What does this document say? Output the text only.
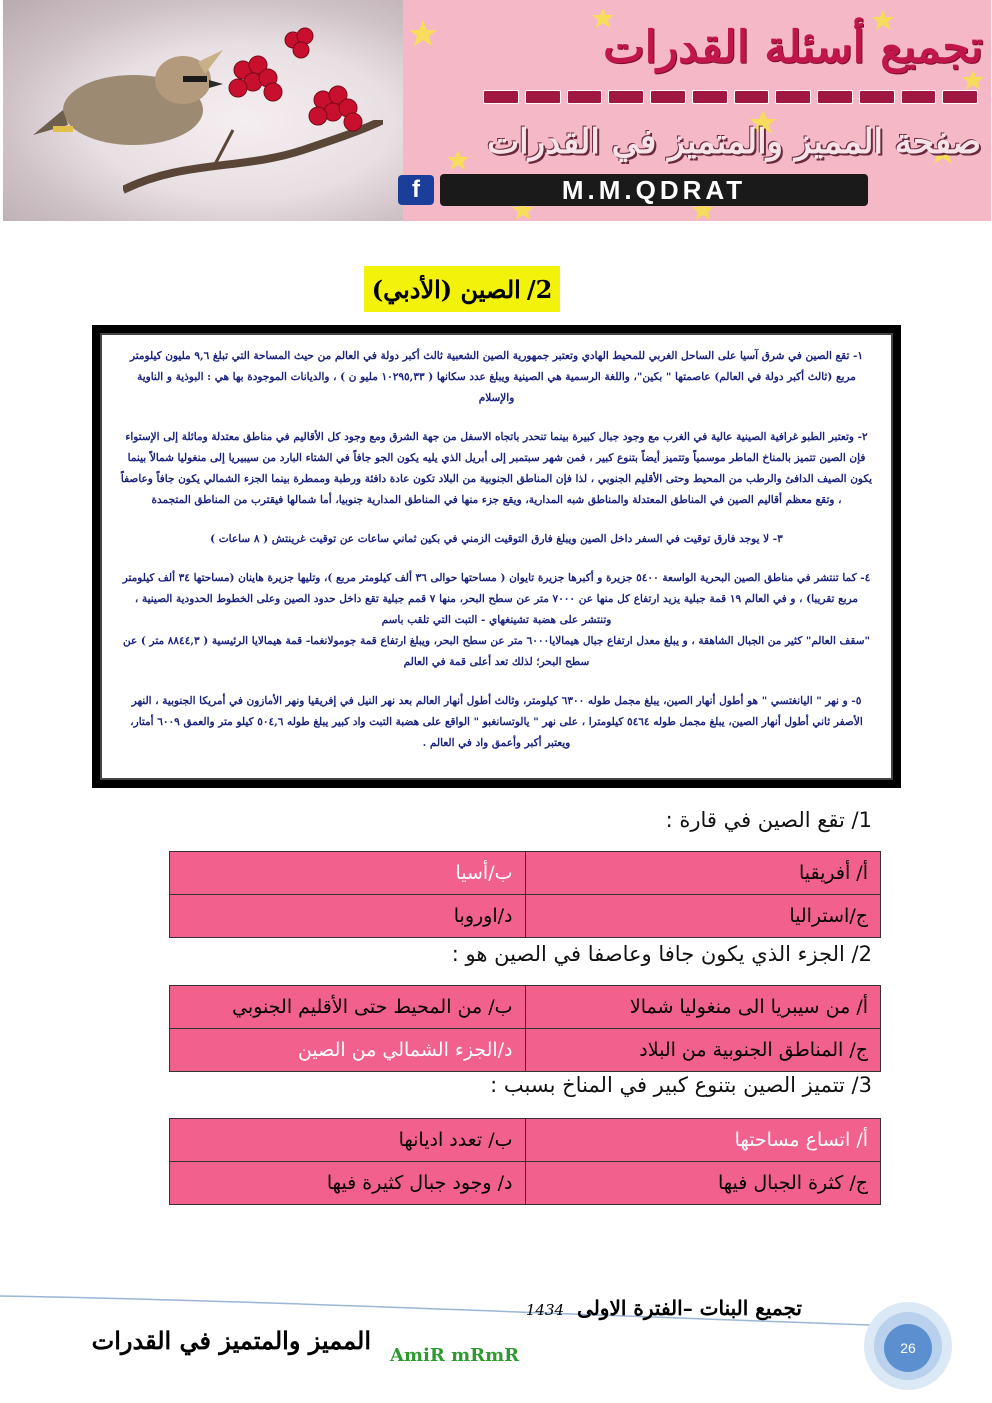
تجميع أسئلة القدرات
صفحة المميز والمتميز في القدرات
f	M.M.QDRAT
2/
الصين (الأدبي)

١- تقع الصين في شرق آسيا على الساحل الغربي للمحيط الهادي وتعتبر جمهورية الصين الشعبية ثالث أكبر دولة في العالم من حيث المساحة التي تبلغ ٩,٦ مليون كيلومتر مربع (ثالث أكبر دولة في العالم) عاصمتها " بكين"، واللغة الرسمية هي الصينية ويبلغ عدد سكانها ( ١٠٢٩٥,٣٣ مليو ن ) ، والديانات الموجودة بها هي : البوذية و الناوية والإسلام

٢- وتعتبر الطبو غرافية الصينية عالية في الغرب مع وجود جبال كبيرة بينما تنحدر باتجاه الاسفل من جهة الشرق ومع وجود كل الأقاليم في مناطق معتدلة ومائلة إلى الإستواء فإن الصين تتميز بالمناخ الماطر موسمياً وتتميز أيضاً بتنوع كبير ، فمن شهر سبتمبر إلى أبريل الذي يليه يكون الجو جافاً في الشتاء البارد من سيبيريا إلى منغوليا شمالاً بينما يكون الصيف الدافئ والرطب من المحيط وحتى الأقليم الجنوبي ، لذا فإن المناطق الجنوبية من البلاد تكون عادة دافئة ورطبة وممطرة بينما الجزء الشمالي يكون جافاً وعاصفاً ، وتقع معظم أقاليم الصين في المناطق المعتدلة والمناطق شبه المدارية، ويقع جزء منها في المناطق المدارية جنوبيا، أما شمالها فيقترب من المناطق المتجمدة

٣- لا يوجد فارق توقيت في السفر داخل الصين ويبلغ فارق التوقيت الزمني في بكين ثماني ساعات عن توقيت غرينتش ( ٨ ساعات )

٤- كما تنتشر في مناطق الصين البحرية الواسعة ٥٤٠٠ جزيرة و أكبرها جزيرة تايوان ( مساحتها حوالى ٣٦ ألف كيلومتر مربع )، وتليها جزيرة هاينان (مساحتها ٣٤ ألف كيلومتر مربع تقريبا) ، و في العالم ١٩ قمة جبلية يزيد ارتفاع كل منها عن ٧٠٠٠ متر عن سطح البحر، منها ٧ قمم جبلية تقع داخل حدود الصين وعلى الخطوط الحدودية الصينية ، وتنتشر على هضبة تشينغهاي - التبت التي تلقب باسم

"سقف العالم" كثير من الجبال الشاهقة ، و يبلغ معدل ارتفاع جبال هيمالايا٦٠٠٠ متر عن سطح البحر، ويبلغ ارتفاع قمة جومولانغما- قمة هيمالايا الرئيسية ( ٨٨٤٤,٣ متر ) عن سطح البحر؛ لذلك تعد أعلى قمة في العالم

٥- و نهر " اليانغتسي " هو أطول أنهار الصين، يبلغ مجمل طوله ٦٣٠٠ كيلومتر، وثالث أطول أنهار العالم بعد نهر النيل في إفريقيا ونهر الأمازون في أمريكا الجنوبية ، النهر الأصفر ثاني أطول أنهار الصين، يبلغ مجمل طوله ٥٤٦٤ كيلومترا ، على نهر " يالوتسانغبو " الواقع على هضبة التبت واد كبير يبلغ طوله ٥٠٤,٦ كيلو متر والعمق ٦٠٠٩ أمتار، ويعتبر أكبر وأعمق واد في العالم .

1/ تقع الصين في قارة :
أ/ أفريقيا	ب/أسيا
ج/استراليا	د/اوروبا
2/ الجزء الذي يكون جافا وعاصفا في الصين هو :
أ/ من سيبريا الى منغوليا شمالا	ب/ من المحيط حتى الأقليم الجنوبي
ج/ المناطق الجنوبية من البلاد	د/الجزء الشمالي من الصين
3/ تتميز الصين بتنوع كبير في المناخ بسبب :
أ/ اتساع مساحتها	ب/ تعدد اديانها
ج/ كثرة الجبال فيها	د/ وجود جبال كثيرة فيها
تجميع البنات –الفترة الاولى 1434
المميز والمتميز في القدرات
AmiR mRmR	26
